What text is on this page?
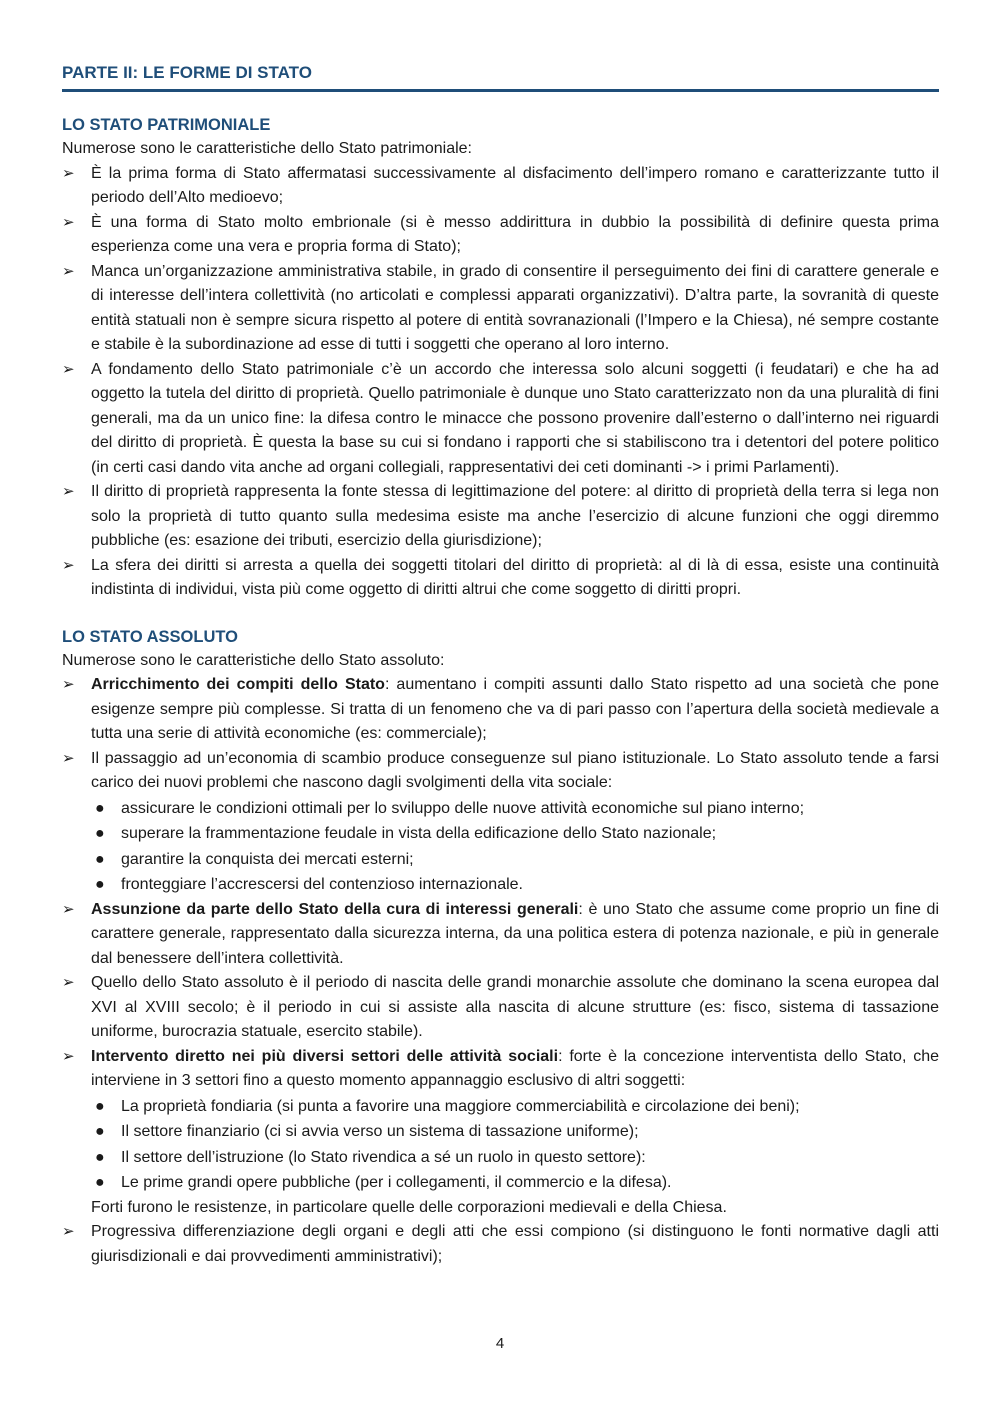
PARTE II: LE FORME DI STATO
LO STATO PATRIMONIALE

Numerose sono le caratteristiche dello Stato patrimoniale:

➢ È la prima forma di Stato affermatasi successivamente al disfacimento dell’impero romano e caratterizzante tutto il periodo dell’Alto medioevo;
➢ È una forma di Stato molto embrionale (si è messo addirittura in dubbio la possibilità di definire questa prima esperienza come una vera e propria forma di Stato);
➢ Manca un’organizzazione amministrativa stabile, in grado di consentire il perseguimento dei fini di carattere generale e di interesse dell’intera collettività (no articolati e complessi apparati organizzativi). D’altra parte, la sovranità di queste entità statuali non è sempre sicura rispetto al potere di entità sovranazionali (l’Impero e la Chiesa), né sempre costante e stabile è la subordinazione ad esse di tutti i soggetti che operano al loro interno.
➢ A fondamento dello Stato patrimoniale c’è un accordo che interessa solo alcuni soggetti (i feudatari) e che ha ad oggetto la tutela del diritto di proprietà. Quello patrimoniale è dunque uno Stato caratterizzato non da una pluralità di fini generali, ma da un unico fine: la difesa contro le minacce che possono provenire dall’esterno o dall’interno nei riguardi del diritto di proprietà. È questa la base su cui si fondano i rapporti che si stabiliscono tra i detentori del potere politico (in certi casi dando vita anche ad organi collegiali, rappresentativi dei ceti dominanti -> i primi Parlamenti).
➢ Il diritto di proprietà rappresenta la fonte stessa di legittimazione del potere: al diritto di proprietà della terra si lega non solo la proprietà di tutto quanto sulla medesima esiste ma anche l’esercizio di alcune funzioni che oggi diremmo pubbliche (es: esazione dei tributi, esercizio della giurisdizione);
➢ La sfera dei diritti si arresta a quella dei soggetti titolari del diritto di proprietà: al di là di essa, esiste una continuità indistinta di individui, vista più come oggetto di diritti altrui che come soggetto di diritti propri.
LO STATO ASSOLUTO

Numerose sono le caratteristiche dello Stato assoluto:

➢ Arricchimento dei compiti dello Stato: aumentano i compiti assunti dallo Stato rispetto ad una società che pone esigenze sempre più complesse. Si tratta di un fenomeno che va di pari passo con l’apertura della società medievale a tutta una serie di attività economiche (es: commerciale);
➢ Il passaggio ad un’economia di scambio produce conseguenze sul piano istituzionale. Lo Stato assoluto tende a farsi carico dei nuovi problemi che nascono dagli svolgimenti della vita sociale:
● assicurare le condizioni ottimali per lo sviluppo delle nuove attività economiche sul piano interno;
● superare la frammentazione feudale in vista della edificazione dello Stato nazionale;
● garantire la conquista dei mercati esterni;
● fronteggiare l’accrescersi del contenzioso internazionale.
➢ Assunzione da parte dello Stato della cura di interessi generali: è uno Stato che assume come proprio un fine di carattere generale, rappresentato dalla sicurezza interna, da una politica estera di potenza nazionale, e più in generale dal benessere dell’intera collettività.
➢ Quello dello Stato assoluto è il periodo di nascita delle grandi monarchie assolute che dominano la scena europea dal XVI al XVIII secolo; è il periodo in cui si assiste alla nascita di alcune strutture (es: fisco, sistema di tassazione uniforme, burocrazia statuale, esercito stabile).
➢ Intervento diretto nei più diversi settori delle attività sociali: forte è la concezione interventista dello Stato, che interviene in 3 settori fino a questo momento appannaggio esclusivo di altri soggetti:
● La proprietà fondiaria (si punta a favorire una maggiore commerciabilità e circolazione dei beni);
● Il settore finanziario (ci si avvia verso un sistema di tassazione uniforme);
● Il settore dell’istruzione (lo Stato rivendica a sé un ruolo in questo settore):
● Le prime grandi opere pubbliche (per i collegamenti, il commercio e la difesa).
Forti furono le resistenze, in particolare quelle delle corporazioni medievali e della Chiesa.
➢ Progressiva differenziazione degli organi e degli atti che essi compiono (si distinguono le fonti normative dagli atti giurisdizionali e dai provvedimenti amministrativi);
4
